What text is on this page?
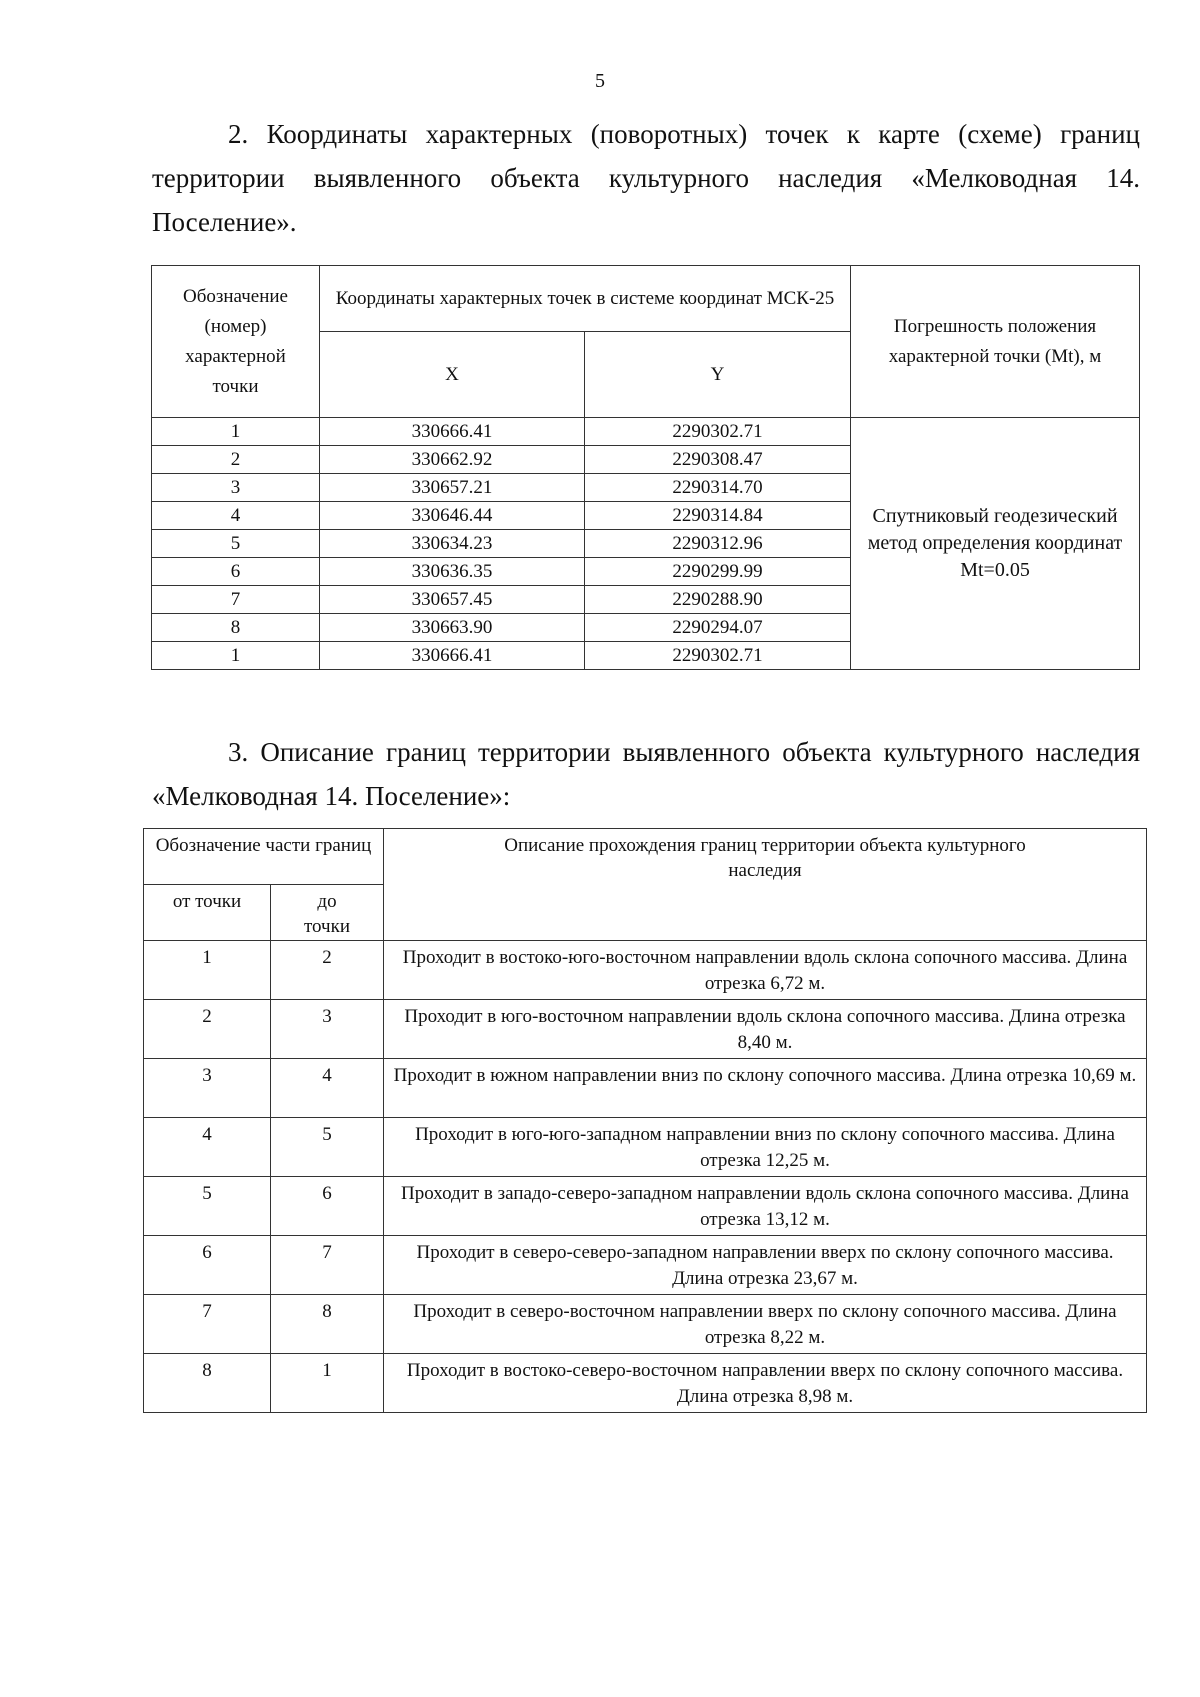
5
2. Координаты характерных (поворотных) точек к карте (схеме) границ территории выявленного объекта культурного наследия «Мелководная 14. Поселение».
Обозначение (номер) характерной точки	Координаты характерных точек в системе координат МСК-25		Погрешность положения характерной точки (Mt), м
	X	Y	
1	330666.41	2290302.71	Спутниковый геодезический метод определения координат Mt=0.05
2	330662.92	2290308.47	
3	330657.21	2290314.70	
4	330646.44	2290314.84	
5	330634.23	2290312.96	
6	330636.35	2290299.99	
7	330657.45	2290288.90	
8	330663.90	2290294.07	
1	330666.41	2290302.71	
3. Описание границ территории выявленного объекта культурного наследия «Мелководная 14. Поселение»:
Обозначение части границ		Описание прохождения границ территории объекта культурного наследия
от точки	до точки	
1	2	Проходит в востоко-юго-восточном направлении вдоль склона сопочного массива. Длина отрезка 6,72 м.
2	3	Проходит в юго-восточном направлении вдоль склона сопочного массива. Длина отрезка 8,40 м.
3	4	Проходит в южном направлении вниз по склону сопочного массива. Длина отрезка 10,69 м.
4	5	Проходит в юго-юго-западном направлении вниз по склону сопочного массива. Длина отрезка 12,25 м.
5	6	Проходит в западо-северо-западном направлении вдоль склона сопочного массива. Длина отрезка 13,12 м.
6	7	Проходит в северо-северо-западном направлении вверх по склону сопочного массива. Длина отрезка 23,67 м.
7	8	Проходит в северо-восточном направлении вверх по склону сопочного массива. Длина отрезка 8,22 м.
8	1	Проходит в востоко-северо-восточном направлении вверх по склону сопочного массива. Длина отрезка 8,98 м.
